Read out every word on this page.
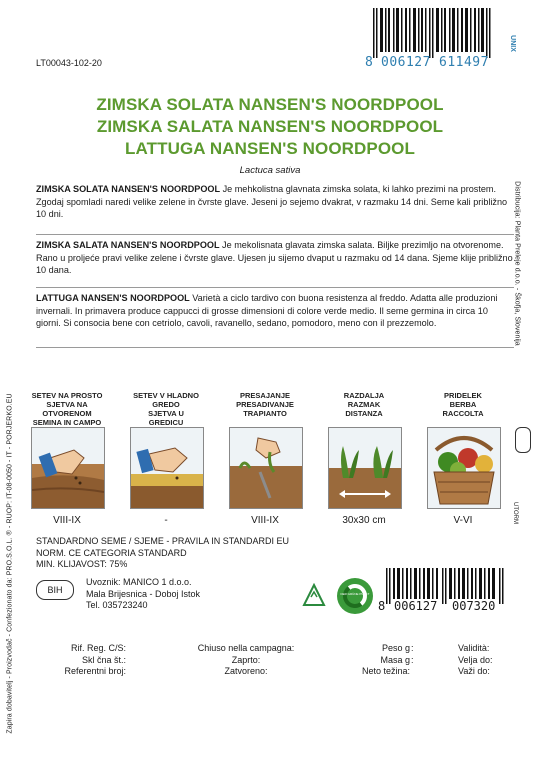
Zapira dobavitelj - Proizvodač - Confezionato da: PRO.S.O.L. ® - RUOP: IT-08-0050 - IT - PORJERKO.EU
Distribucija: Planta Preleje d.o.o. - Škofja, Slovenija
UTORM
LT00043-102-20	8 006127 611497
UNIX
ZIMSKA SOLATA NANSEN'S NOORDPOOL
ZIMSKA SALATA NANSEN'S NOORDPOOL
LATTUGA NANSEN'S NOORDPOOL
Lactuca sativa
ZIMSKA SOLATA NANSEN'S NOORDPOOL Je mehkolistna glavnata zimska solata, ki lahko prezimi na prostem. Zgodaj spomladi naredi velike zelene in čvrste glave. Jeseni jo sejemo dvakrat, v razmaku 14 dni. Seme kali približno 10 dni.
ZIMSKA SALATA NANSEN'S NOORDPOOL Je mekolisnata glavata zimska salata. Biljke prezimljo na otvorenome. Rano u proljeće pravi velike zelene i čvrste glave. Ujesen ju sijemo dvaput u razmaku od 14 dana. Sjeme klije približno 10 dana.
LATTUGA NANSEN'S NOORDPOOL Varietà a ciclo tardivo con buona resistenza al freddo. Adatta alle produzioni invernali. In primavera produce cappucci di grosse dimensioni di colore verde medio. Il seme germina in circa 10 giorni. Si consocia bene con cetriolo, cavoli, ravanello, sedano, pomodoro, meno con il prezzemolo.
SETEV NA PROSTO
SJETVA NA OTVORENOM
SEMINA IN CAMPO
VIII-IX
SETEV V HLADNO GREDO
SJETVA U GREDICU
-
PRESAJANJE
PRESADIVANJE
TRAPIANTO
VIII-IX
RAZDALJA
RAZMAK
DISTANZA
30x30 cm
PRIDELEK
BERBA
RACCOLTA
V-VI
STANDARDNO SEME / SJEME - PRAVILA IN STANDARDI EU
NORM. CE CATEGORIA STANDARD
MIN. KLIJAVOST: 75%
BIH
Uvoznik: MANICO 1 d.o.o.
Mala Brijesnica - Doboj Istok
Tel. 035723240
DER GRÜNE PUNKT
8 006127 007320
Rif. Reg. C/S:
Skl čna št.:
Referentni broj:
Chiuso nella campagna:
Zaprto:
Zatvoreno:
Peso g
Masa g
Neto težina:
:
:
Validità:
Velja do:
Važi do:
